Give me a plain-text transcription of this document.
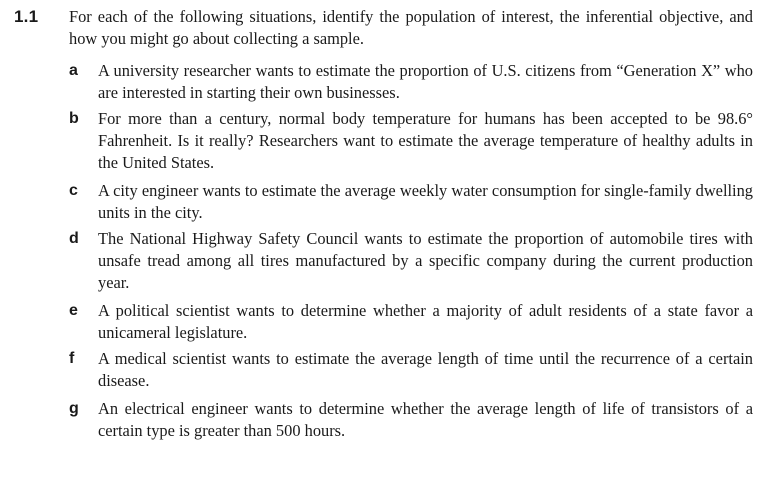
1.1 For each of the following situations, identify the population of interest, the inferential objective, and how you might go about collecting a sample.
a	A university researcher wants to estimate the proportion of U.S. citizens from “Generation X” who are interested in starting their own businesses.
b	For more than a century, normal body temperature for humans has been accepted to be 98.6° Fahrenheit. Is it really? Researchers want to estimate the average temperature of healthy adults in the United States.
c	A city engineer wants to estimate the average weekly water consumption for single-family dwelling units in the city.
d	The National Highway Safety Council wants to estimate the proportion of automobile tires with unsafe tread among all tires manufactured by a specific company during the current production year.
e	A political scientist wants to determine whether a majority of adult residents of a state favor a unicameral legislature.
f	A medical scientist wants to estimate the average length of time until the recurrence of a certain disease.
g	An electrical engineer wants to determine whether the average length of life of transistors of a certain type is greater than 500 hours.
